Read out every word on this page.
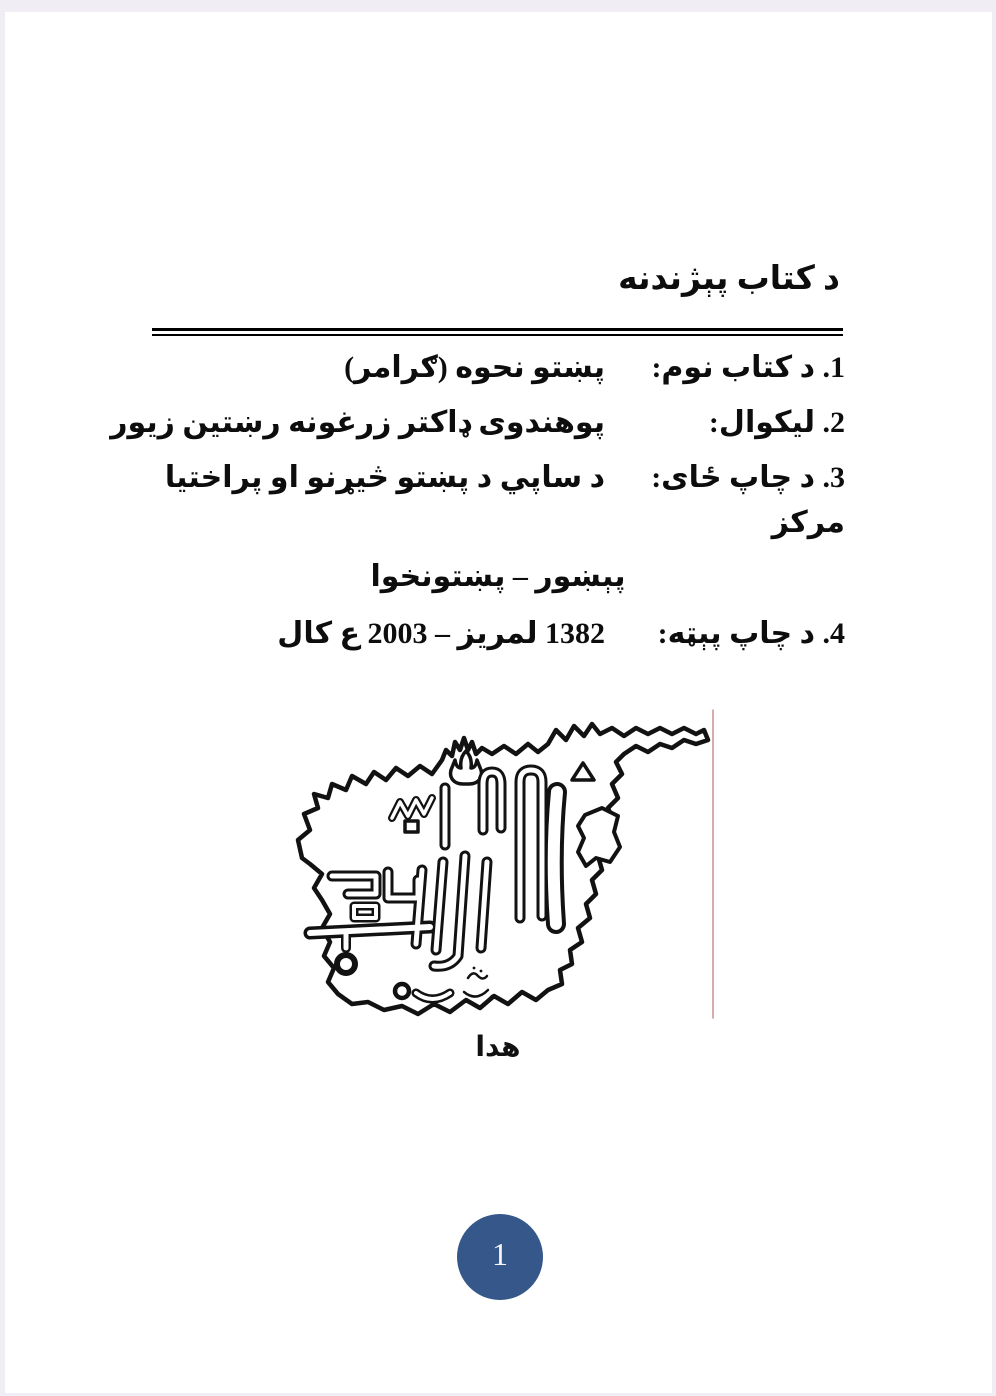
د کتاب پېژندنه
1. د کتاب نوم:
پښتو نحوه (ګرامر)
2. لیکوال:
پوهندوی ډاکتر زرغونه رښتین زیور
3. د چاپ ځای:
د ساپي د پښتو څیړنو او پراختیا
مرکز
پېښور – پښتونخوا
4. د چاپ پېټه:
1382 لمریز – 2003 ع کال
هدا
1
